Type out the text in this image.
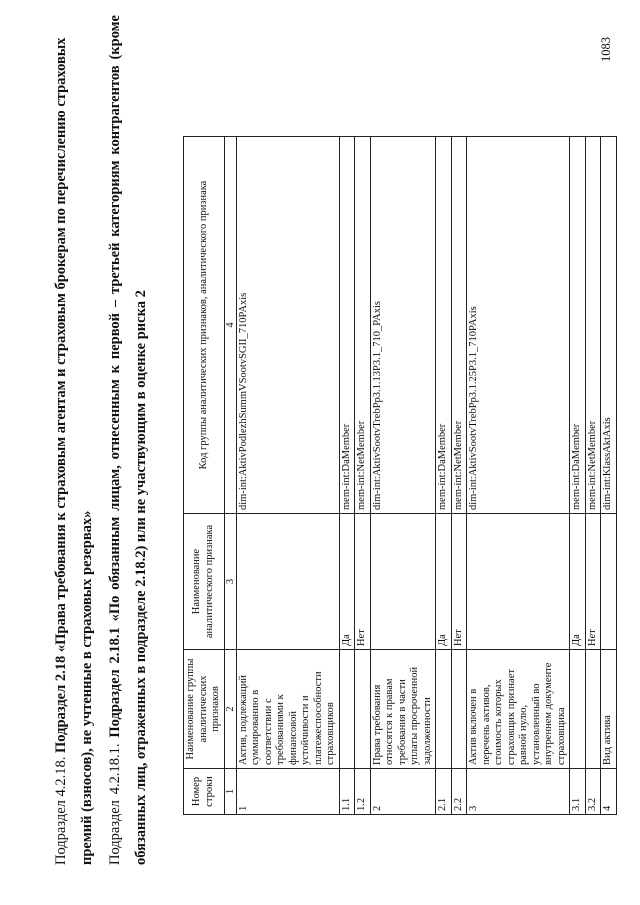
Подраздел 4.2.18. Подраздел 2.18 «Права требования к страховым агентам и страховым брокерам по перечислению страховых премий (взносов), не учтенные в страховых резервах» Подраздел 4.2.18.1. Подраздел 2.18.1 «По обязанным лицам, отнесенным к первой – третьей категориям контрагентов (кроме обязанных лиц, отраженных в подразделе 2.18.2) или не участвующим в оценке риска 2	Номер строки	Наименование группы аналитических признаков	Наименование аналитического признака	Код группы аналитических признаков, аналитического признака
1	2	3	4
1	Актив, подлежащий суммированию в соответствии с требованиями к финансовой устойчивости и платежеспособности страховщиков		dim-int:AktivPodlezhSummVSootvSGII_710PAxis
1.1		Да	mem-int:DaMember
1.2		Нет	mem-int:NetMember
2	Права требования относятся к правам требования в части уплаты просроченной задолженности		dim-int:AktivSootvTrebPp3.1.13P3.1_710_PAxis
2.1		Да	mem-int:DaMember
2.2		Нет	mem-int:NetMember
3	Актив включен в перечень активов, стоимость которых страховщик признает равной нулю, установленный во внутреннем документе страховщика		dim-int:AktivSootvTrebPp3.1.25P3.1_710PAxis
3.1		Да	mem-int:DaMember
3.2		Нет	mem-int:NetMember
4	Вид актива		dim-int:KlassAktAxis
1083
